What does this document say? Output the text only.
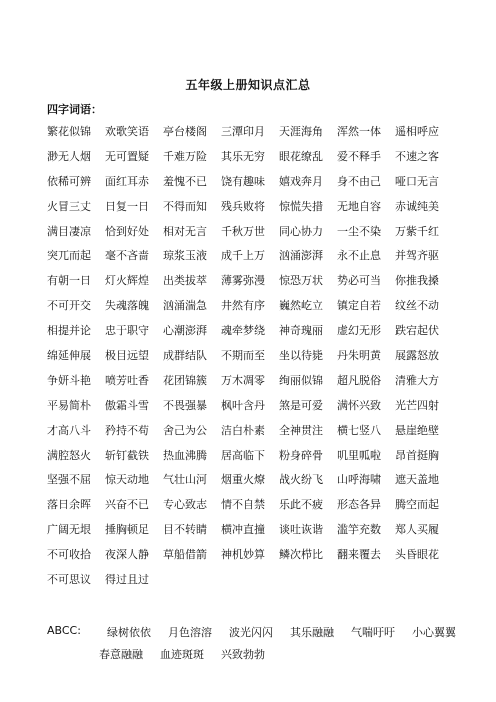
五年级上册知识点汇总
四字词语：
繁花似锦 欢歌笑语 亭台楼阁 三潭印月 天涯海角 浑然一体 遥相呼应
渺无人烟 无可置疑 千难万险 其乐无穷 眼花缭乱 爱不释手 不速之客
依稀可辨 面红耳赤 羞愧不已 饶有趣味 嬉戏奔月 身不由己 哑口无言
火冒三丈 日复一日 不得而知 残兵败将 惊慌失措 无地自容 赤诚纯美
满目凄凉 恰到好处 相对无言 千秋万世 同心协力 一尘不染 万紫千红
突兀而起 毫不吝啬 琼浆玉液 成千上万 汹涌澎湃 永不止息 并驾齐驱
有朝一日 灯火辉煌 出类拔萃 薄雾弥漫 惊恐万状 势必可当 你推我搡
不可开交 失魂落魄 汹涌湍急 井然有序 巍然屹立 镇定自若 纹丝不动
相提并论 忠于职守 心潮澎湃 魂牵梦绕 神奇瑰丽 虚幻无形 跌宕起伏
绵延伸展 极目远望 成群结队 不期而至 坐以待毙 丹朱明黄 展露怒放
争妍斗艳 喷芳吐香 花团锦簇 万木凋零 绚丽似锦 超凡脱俗 清雅大方
平易简朴 傲霜斗雪 不畏强暴 枫叶含丹 煞是可爱 满怀兴致 光芒四射
才高八斗 矜持不苟 舍己为公 洁白朴素 全神贯注 横七竖八 悬崖绝壁
满腔怒火 斩钉截铁 热血沸腾 居高临下 粉身碎骨 叽里呱啦 昂首挺胸
坚强不屈 惊天动地 气壮山河 烟重火燎 战火纷飞 山呼海啸 遮天盖地
落日余晖 兴奋不已 专心致志 情不自禁 乐此不疲 形态各异 腾空而起
广阔无垠 捶胸顿足 目不转睛 横冲直撞 谈吐诙谐 滥竽充数 郑人买履
不可收拾 夜深人静 草船借箭 神机妙算 鳞次栉比 翻来覆去 头昏眼花
不可思议 得过且过
ABCC: 绿树依依 月色溶溶 波光闪闪 其乐融融 气喘吁吁 小心翼翼
春意融融 血迹斑斑 兴致勃勃
